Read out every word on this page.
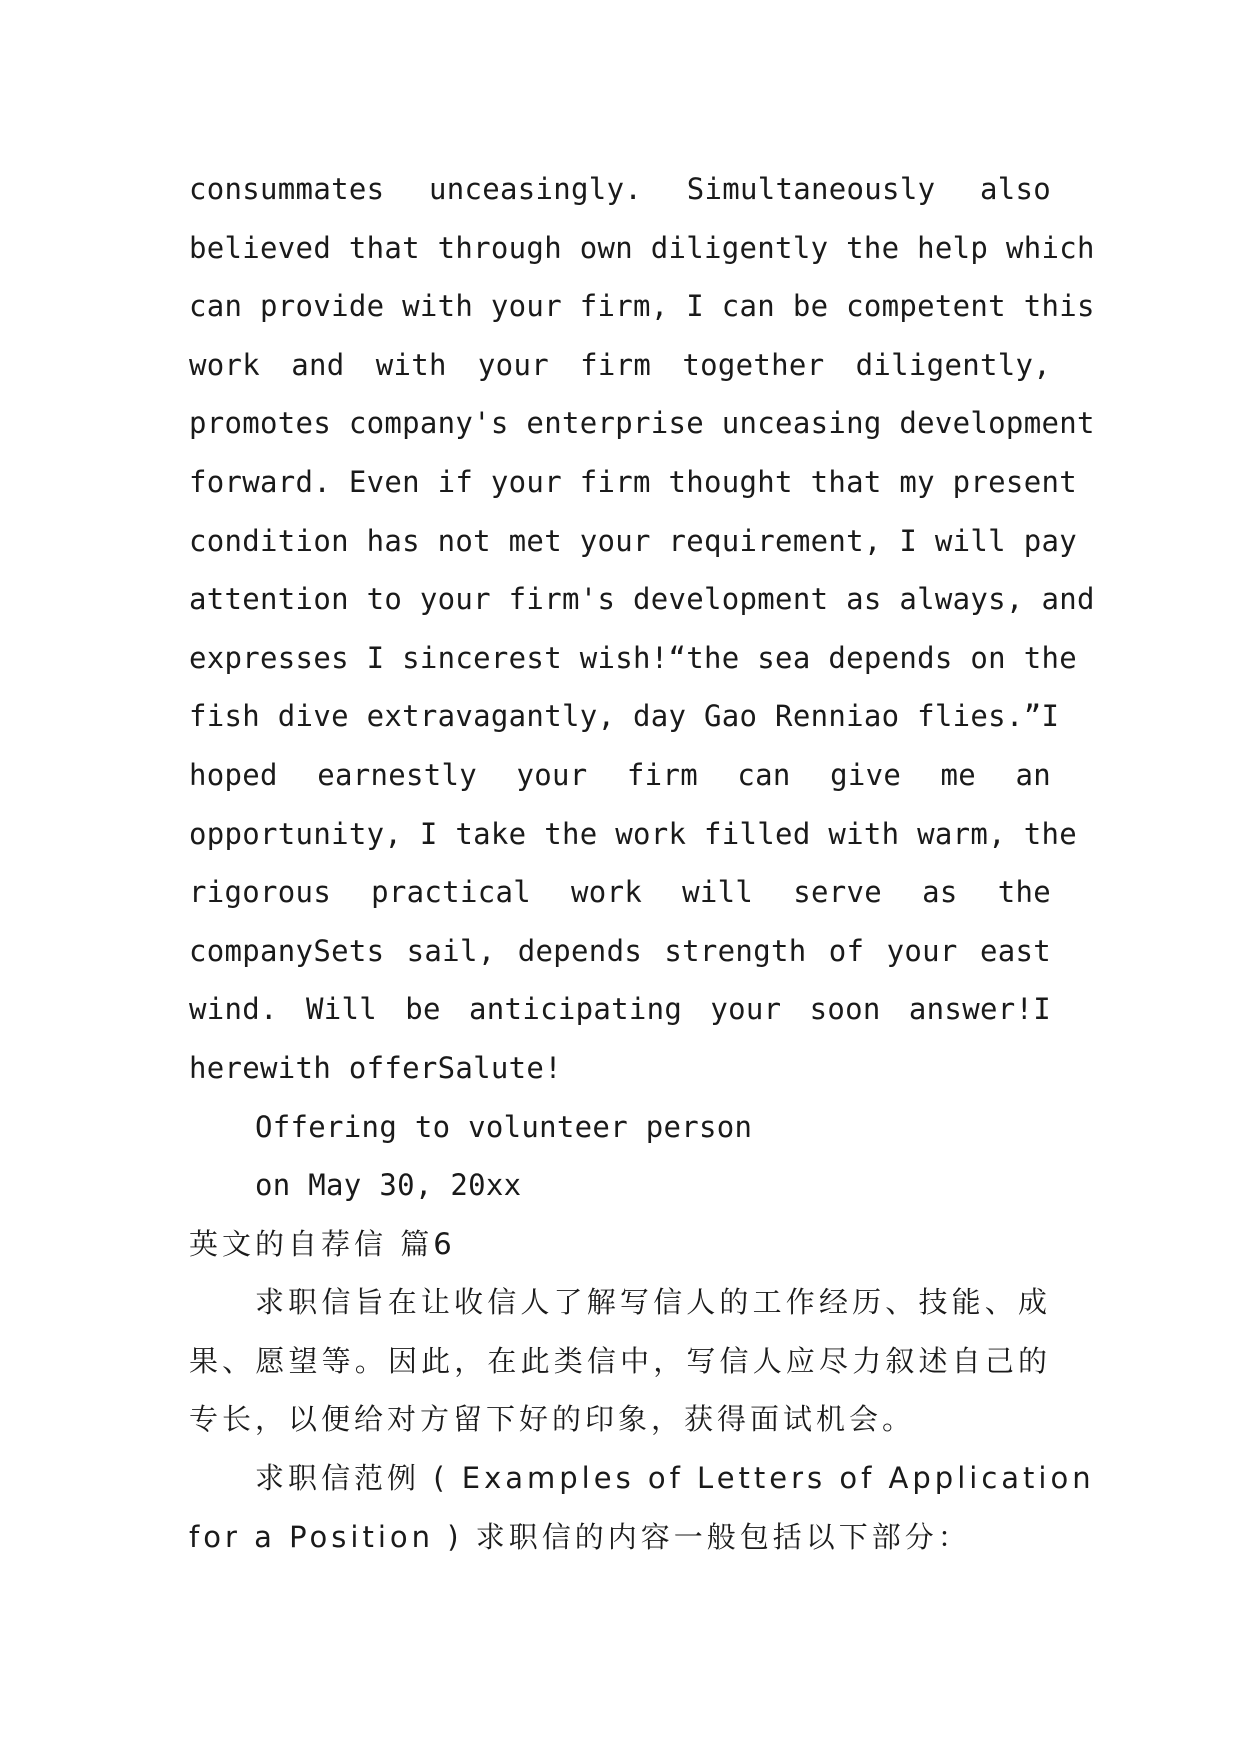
consummates unceasingly. Simultaneously also
believed that through own diligently the help which
can provide with your firm, I can be competent this
work and with your firm together diligently,
promotes company's enterprise unceasing development
forward. Even if your firm thought that my present
condition has not met your requirement, I will pay
attention to your firm's development as always, and
expresses I sincerest wish!“the sea depends on the
fish dive extravagantly, day Gao Renniao flies.”I
hoped earnestly your firm can give me an
opportunity, I take the work filled with warm, the
rigorous practical work will serve as the
companySets sail, depends strength of your east
wind. Will be anticipating your soon answer!I
herewith offerSalute!
Offering to volunteer person
on May 30, 20xx
英文的自荐信 篇6
求职信旨在让收信人了解写信人的工作经历、技能、成
果、愿望等。因此，在此类信中，写信人应尽力叙述自己的
专长，以便给对方留下好的印象，获得面试机会。
求职信范例 ( Examples of Letters of Application
for a Position ) 求职信的内容一般包括以下部分：
